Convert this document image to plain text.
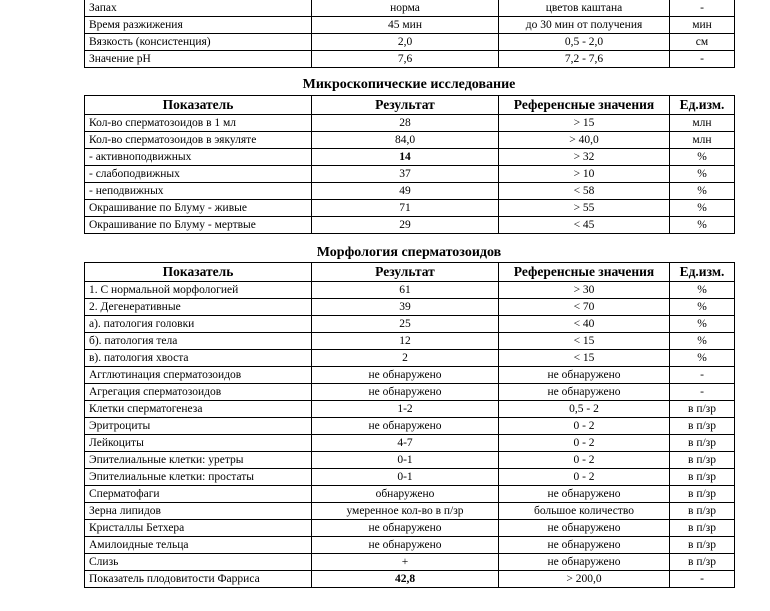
Запах	норма	цветов каштана	-
Время разжижения	45 мин	до 30 мин от получения	мин
Вязкость (консистенция)	2,0	0,5 - 2,0	см
Значение pH	7,6	7,2 - 7,6	-
Микроскопические исследование
Показатель	Результат	Референсные значения	Ед.изм.
Кол-во сперматозоидов в 1 мл	28	> 15	млн
Кол-во сперматозоидов в эякуляте	84,0	> 40,0	млн
- активноподвижных	14	> 32	%
- слабоподвижных	37	> 10	%
- неподвижных	49	< 58	%
Окрашивание по Блуму - живые	71	> 55	%
Окрашивание по Блуму - мертвые	29	< 45	%
Морфология сперматозоидов
Показатель	Результат	Референсные значения	Ед.изм.
1. С нормальной морфологией	61	> 30	%
2. Дегенеративные	39	< 70	%
а). патология головки	25	< 40	%
б). патология тела	12	< 15	%
в). патология хвоста	2	< 15	%
Агглютинация сперматозоидов	не обнаружено	не обнаружено	-
Агрегация сперматозоидов	не обнаружено	не обнаружено	-
Клетки сперматогенеза	1-2	0,5 - 2	в п/зр
Эритроциты	не обнаружено	0 - 2	в п/зр
Лейкоциты	4-7	0 - 2	в п/зр
Эпителиальные клетки: уретры	0-1	0 - 2	в п/зр
Эпителиальные клетки: простаты	0-1	0 - 2	в п/зр
Сперматофаги	обнаружено	не обнаружено	в п/зр
Зерна липидов	умеренное кол-во в п/зр	большое количество	в п/зр
Кристаллы Бетхера	не обнаружено	не обнаружено	в п/зр
Амилоидные тельца	не обнаружено	не обнаружено	в п/зр
Слизь	+	не обнаружено	в п/зр
Показатель плодовитости Фарриса	42,8	> 200,0	-
